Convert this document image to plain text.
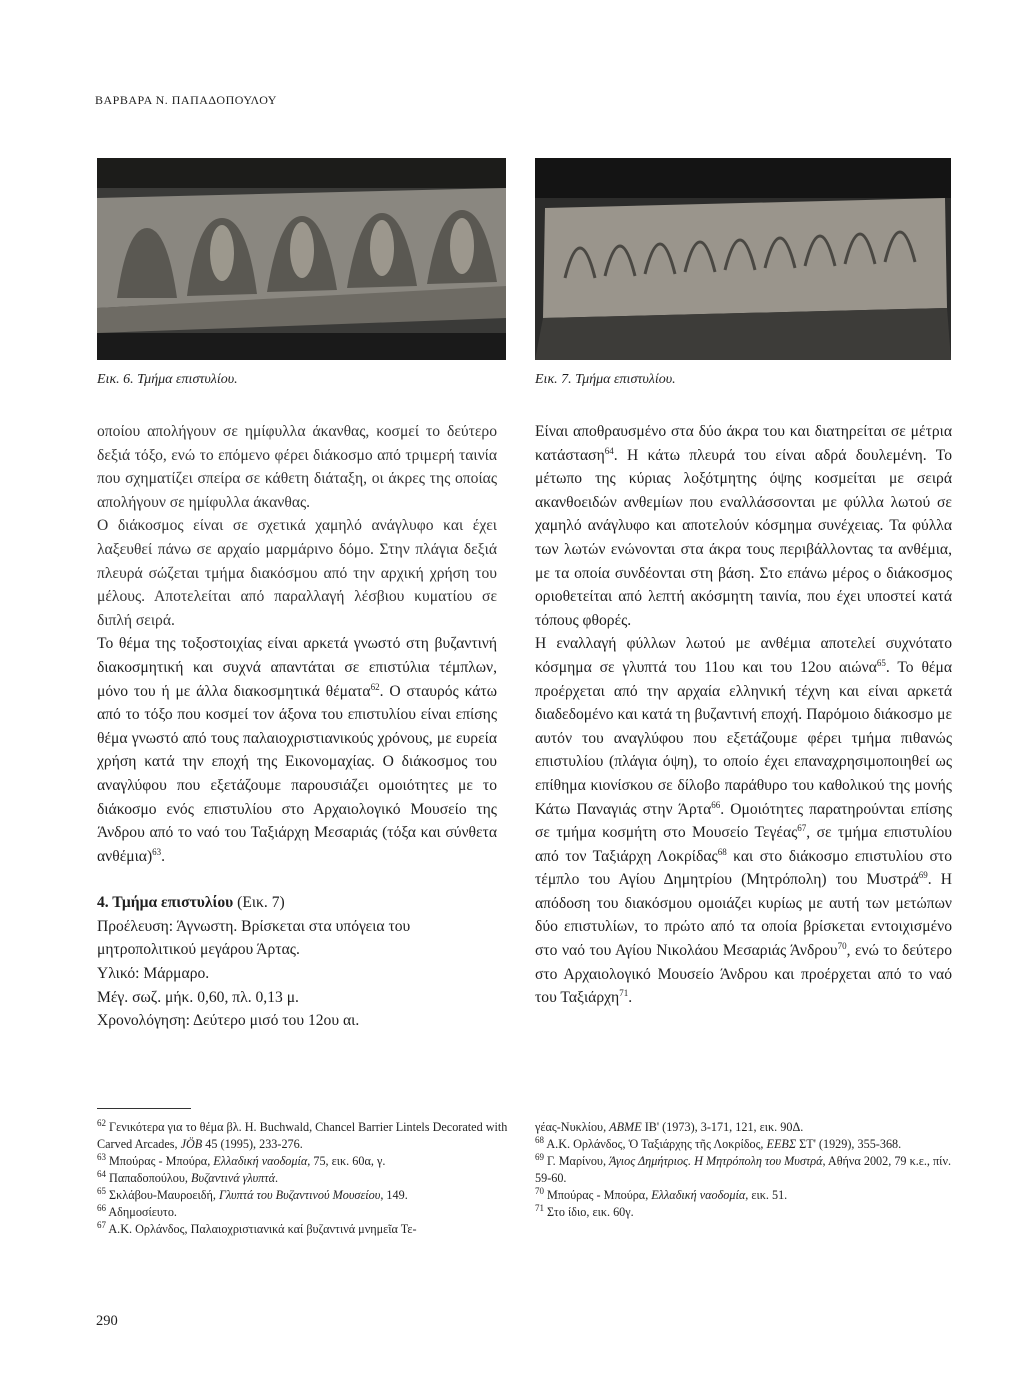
ΒΑΡΒΑΡΑ Ν. ΠΑΠΑΔΟΠΟΥΛΟΥ
Εικ. 6. Τμήμα επιστυλίου.	Εικ. 7. Τμήμα επιστυλίου.

οποίου απολήγουν σε ημίφυλλα άκανθας, κοσμεί το δεύτερο δεξιά τόξο, ενώ το επόμενο φέρει διάκοσμο από τριμερή ταινία που σχηματίζει σπείρα σε κάθετη διάταξη, οι άκρες της οποίας απολήγουν σε ημίφυλλα άκανθας.

Ο διάκοσμος είναι σε σχετικά χαμηλό ανάγλυφο και έχει λαξευθεί πάνω σε αρχαίο μαρμάρινο δόμο. Στην πλάγια δεξιά πλευρά σώζεται τμήμα διακόσμου από την αρχική χρήση του μέλους. Αποτελείται από παραλλαγή λέσβιου κυματίου σε διπλή σειρά.

Το θέμα της τοξοστοιχίας είναι αρκετά γνωστό στη βυζαντινή διακοσμητική και συχνά απαντάται σε επιστύλια τέμπλων, μόνο του ή με άλλα διακοσμητικά θέματα$^{62}$. Ο σταυρός κάτω από το τόξο που κοσμεί τον άξονα του επιστυλίου είναι επίσης θέμα γνωστό από τους παλαιοχριστιανικούς χρόνους, με ευρεία χρήση κατά την εποχή της Εικονομαχίας. Ο διάκοσμος του αναγλύφου που εξετάζουμε παρουσιάζει ομοιότητες με το διάκοσμο ενός επιστυλίου στο Αρχαιολογικό Μουσείο της Άνδρου από το ναό του Ταξιάρχη Μεσαριάς (τόξα και σύνθετα ανθέμια)$^{63}$.

4. Τμήμα επιστυλίου (Εικ. 7)
Προέλευση: Άγνωστη. Βρίσκεται στα υπόγεια του μητροπολιτικού μεγάρου Άρτας.
Υλικό: Μάρμαρο.
Μέγ. σωζ. μήκ. 0,60, πλ. 0,13 μ.
Χρονολόγηση: Δεύτερο μισό του 12ου αι.

Είναι αποθραυσμένο στα δύο άκρα του και διατηρείται σε μέτρια κατάσταση$^{64}$. Η κάτω πλευρά του είναι αδρά δουλεμένη. Το μέτωπο της κύριας λοξότμητης όψης κοσμείται με σειρά ακανθοειδών ανθεμίων που εναλλάσσονται με φύλλα λωτού σε χαμηλό ανάγλυφο και αποτελούν κόσμημα συνέχειας. Τα φύλλα των λωτών ενώνονται στα άκρα τους περιβάλλοντας τα ανθέμια, με τα οποία συνδέονται στη βάση. Στο επάνω μέρος ο διάκοσμος οριοθετείται από λεπτή ακόσμητη ταινία, που έχει υποστεί κατά τόπους φθορές.

Η εναλλαγή φύλλων λωτού με ανθέμια αποτελεί συχνότατο κόσμημα σε γλυπτά του 11ου και του 12ου αιώνα$^{65}$. Το θέμα προέρχεται από την αρχαία ελληνική τέχνη και είναι αρκετά διαδεδομένο και κατά τη βυζαντινή εποχή. Παρόμοιο διάκοσμο με αυτόν του αναγλύφου που εξετάζουμε φέρει τμήμα πιθανώς επιστυλίου (πλάγια όψη), το οποίο έχει επαναχρησιμοποιηθεί ως επίθημα κιονίσκου σε δίλοβο παράθυρο του καθολικού της μονής Κάτω Παναγιάς στην Άρτα$^{66}$. Ομοιότητες παρατηρούνται επίσης σε τμήμα κοσμήτη στο Μουσείο Τεγέας$^{67}$, σε τμήμα επιστυλίου από τον Ταξιάρχη Λοκρίδας$^{68}$ και στο διάκοσμο επιστυλίου στο τέμπλο του Αγίου Δημητρίου (Μητρόπολη) του Μυστρά$^{69}$. Η απόδοση του διακόσμου ομοιάζει κυρίως με αυτή των μετώπων δύο επιστυλίων, το πρώτο από τα οποία βρίσκεται εντοιχισμένο στο ναό του Αγίου Νικολάου Μεσαριάς Άνδρου$^{70}$, ενώ το δεύτερο στο Αρχαιολογικό Μουσείο Άνδρου και προέρχεται από το ναό του Ταξιάρχη$^{71}$.

$^{62}$ Γενικότερα για το θέμα βλ. H. Buchwald, Chancel Barrier Lintels Decorated with Carved Arcades, JÖB 45 (1995), 233-276.
$^{63}$ Μπούρας - Μπούρα, Ελλαδική ναοδομία, 75, εικ. 60α, γ.
$^{64}$ Παπαδοπούλου, Βυζαντινά γλυπτά.
$^{65}$ Σκλάβου-Μαυροειδή, Γλυπτά του Βυζαντινού Μουσείου, 149.
$^{66}$ Αδημοσίευτο.
$^{67}$ Α.Κ. Ορλάνδος, Παλαιοχριστιανικά καί βυζαντινά μνημεῖα Τε-
γέας-Νυκλίου, ΑΒΜΕ ΙΒ' (1973), 3-171, 121, εικ. 90Δ.
$^{68}$ Α.Κ. Ορλάνδος, Ὁ Ταξιάρχης τῆς Λοκρίδος, ΕΕΒΣ ΣΤ' (1929), 355-368.
$^{69}$ Γ. Μαρίνου, Άγιος Δημήτριος. Η Μητρόπολη του Μυστρά, Αθήνα 2002, 79 κ.ε., πίν. 59-60.
$^{70}$ Μπούρας - Μπούρα, Ελλαδική ναοδομία, εικ. 51.
$^{71}$ Στο ίδιο, εικ. 60γ.
290
